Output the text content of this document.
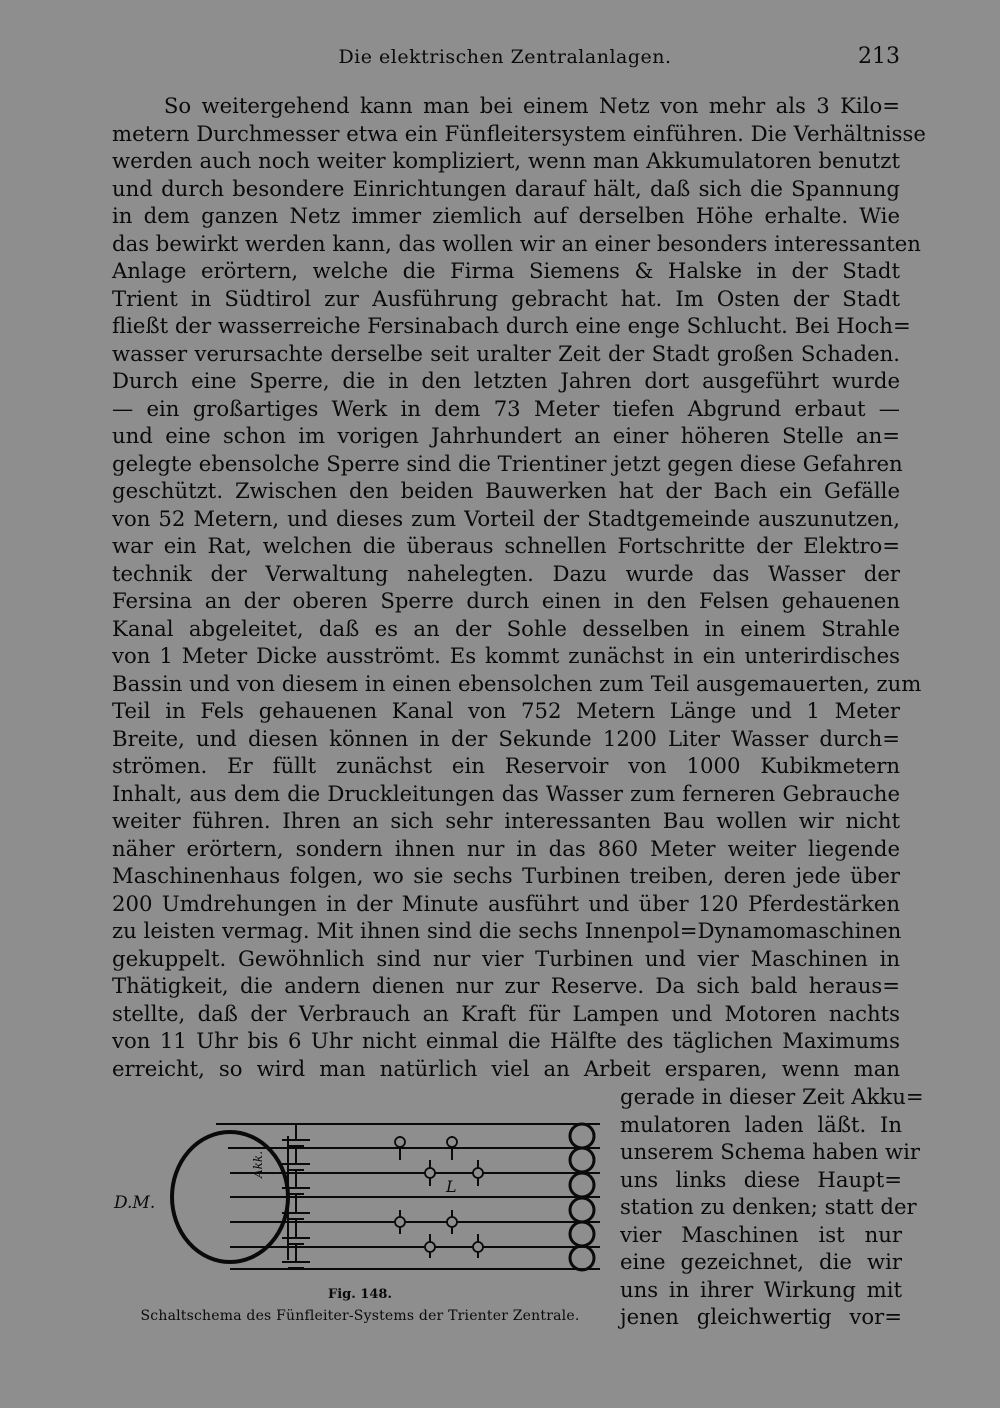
Die elektrischen Zentralanlagen.	213
So weitergehend kann man bei einem Netz von mehr als 3 Kilo=
metern Durchmesser etwa ein Fünfleitersystem einführen. Die Verhältnisse
werden auch noch weiter kompliziert, wenn man Akkumulatoren benutzt
und durch besondere Einrichtungen darauf hält, daß sich die Spannung
in dem ganzen Netz immer ziemlich auf derselben Höhe erhalte. Wie
das bewirkt werden kann, das wollen wir an einer besonders interessanten
Anlage erörtern, welche die Firma Siemens & Halske in der Stadt
Trient in Südtirol zur Ausführung gebracht hat. Im Osten der Stadt
fließt der wasserreiche Fersinabach durch eine enge Schlucht. Bei Hoch=
wasser verursachte derselbe seit uralter Zeit der Stadt großen Schaden.
Durch eine Sperre, die in den letzten Jahren dort ausgeführt wurde
— ein großartiges Werk in dem 73 Meter tiefen Abgrund erbaut —
und eine schon im vorigen Jahrhundert an einer höheren Stelle an=
gelegte ebensolche Sperre sind die Trientiner jetzt gegen diese Gefahren
geschützt. Zwischen den beiden Bauwerken hat der Bach ein Gefälle
von 52 Metern, und dieses zum Vorteil der Stadtgemeinde auszunutzen,
war ein Rat, welchen die überaus schnellen Fortschritte der Elektro=
technik der Verwaltung nahelegten. Dazu wurde das Wasser der
Fersina an der oberen Sperre durch einen in den Felsen gehauenen
Kanal abgeleitet, daß es an der Sohle desselben in einem Strahle
von 1 Meter Dicke ausströmt. Es kommt zunächst in ein unterirdisches
Bassin und von diesem in einen ebensolchen zum Teil ausgemauerten, zum
Teil in Fels gehauenen Kanal von 752 Metern Länge und 1 Meter
Breite, und diesen können in der Sekunde 1200 Liter Wasser durch=
strömen. Er füllt zunächst ein Reservoir von 1000 Kubikmetern
Inhalt, aus dem die Druckleitungen das Wasser zum ferneren Gebrauche
weiter führen. Ihren an sich sehr interessanten Bau wollen wir nicht
näher erörtern, sondern ihnen nur in das 860 Meter weiter liegende
Maschinenhaus folgen, wo sie sechs Turbinen treiben, deren jede über
200 Umdrehungen in der Minute ausführt und über 120 Pferdestärken
zu leisten vermag. Mit ihnen sind die sechs Innenpol=Dynamomaschinen
gekuppelt. Gewöhnlich sind nur vier Turbinen und vier Maschinen in
Thätigkeit, die andern dienen nur zur Reserve. Da sich bald heraus=
stellte, daß der Verbrauch an Kraft für Lampen und Motoren nachts
von 11 Uhr bis 6 Uhr nicht einmal die Hälfte des täglichen Maximums
erreicht, so wird man natürlich viel an Arbeit ersparen, wenn man
gerade in dieser Zeit Akku=
mulatoren laden läßt. In
unserem Schema haben wir
uns links diese Haupt=
station zu denken; statt der
vier Maschinen ist nur
eine gezeichnet, die wir
uns in ihrer Wirkung mit
jenen gleichwertig vor=
D.M.
Akk.
L
Fig. 148.
Schaltschema des Fünfleiter-Systems der Trienter Zentrale.
